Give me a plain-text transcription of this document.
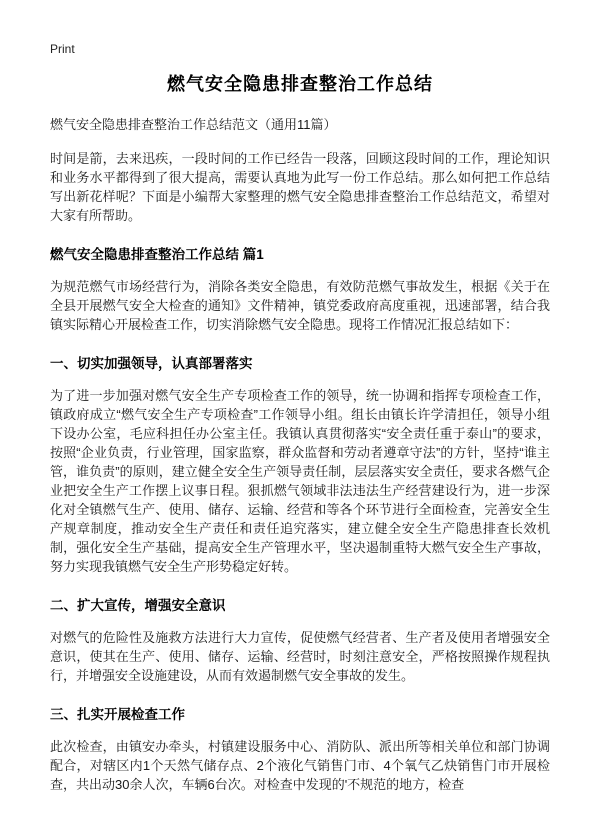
Print
燃气安全隐患排查整治工作总结
燃气安全隐患排查整治工作总结范文（通用11篇）

时间是箭，去来迅疾，一段时间的工作已经告一段落，回顾这段时间的工作，理论知识和业务水平都得到了很大提高，需要认真地为此写一份工作总结。那么如何把工作总结写出新花样呢？下面是小编帮大家整理的燃气安全隐患排查整治工作总结范文，希望对大家有所帮助。

燃气安全隐患排查整治工作总结 篇1

为规范燃气市场经营行为，消除各类安全隐患，有效防范燃气事故发生，根据《关于在全县开展燃气安全大检查的通知》文件精神，镇党委政府高度重视，迅速部署，结合我镇实际精心开展检查工作，切实消除燃气安全隐患。现将工作情况汇报总结如下：

一、切实加强领导，认真部署落实

为了进一步加强对燃气安全生产专项检查工作的领导，统一协调和指挥专项检查工作，镇政府成立“燃气安全生产专项检查”工作领导小组。组长由镇长许学清担任，领导小组下设办公室，毛应科担任办公室主任。我镇认真贯彻落实“安全责任重于泰山”的要求，按照“企业负责，行业管理，国家监察，群众监督和劳动者遵章守法”的方针，坚持“谁主管，谁负责”的原则，建立健全安全生产领导责任制，层层落实安全责任，要求各燃气企业把安全生产工作摆上议事日程。狠抓燃气领域非法违法生产经营建设行为，进一步深化对全镇燃气生产、使用、储存、运输、经营和等各个环节进行全面检查，完善安全生产规章制度，推动安全生产责任和责任追究落实，建立健全安全生产隐患排查长效机制，强化安全生产基础，提高安全生产管理水平，坚决遏制重特大燃气安全生产事故，努力实现我镇燃气安全生产形势稳定好转。

二、扩大宣传，增强安全意识

对燃气的危险性及施救方法进行大力宣传，促使燃气经营者、生产者及使用者增强安全意识，使其在生产、使用、储存、运输、经营时，时刻注意安全，严格按照操作规程执行，并增强安全设施建设，从而有效遏制燃气安全事故的发生。

三、扎实开展检查工作

此次检查，由镇安办牵头，村镇建设服务中心、消防队、派出所等相关单位和部门协调配合，对辖区内1个天然气储存点、2个液化气销售门市、4个氧气乙炔销售门市开展检查，共出动30余人次，车辆6台次。对检查中发现的'不规范的地方，检查
